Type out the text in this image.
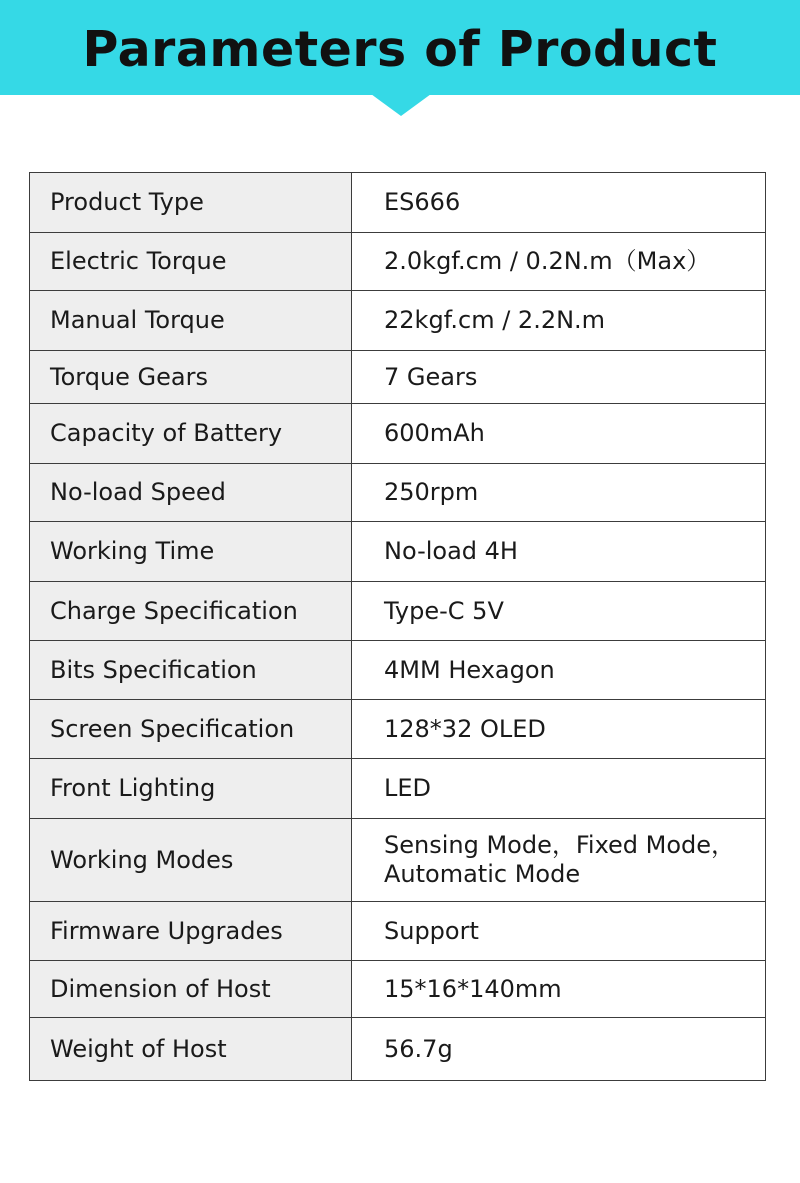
Parameters of Product
Product Type	ES666
Electric Torque	2.0kgf.cm / 0.2N.m（Max）
Manual Torque	22kgf.cm / 2.2N.m
Torque Gears	7 Gears
Capacity of Battery	600mAh
No-load Speed	250rpm
Working Time	No-load 4H
Charge Specification	Type-C 5V
Bits Specification	4MM Hexagon
Screen Specification	128*32 OLED
Front Lighting	LED
Working Modes	Sensing Mode，Fixed Mode，Automatic Mode
Firmware Upgrades	Support
Dimension of Host	15*16*140mm
Weight of Host	56.7g
